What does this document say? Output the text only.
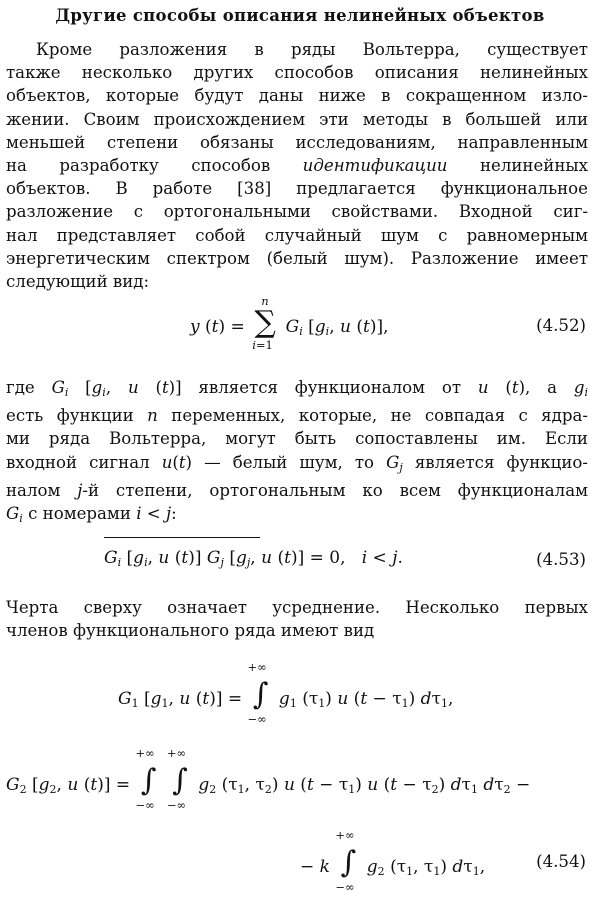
Другие способы описания нелинейных объектов
Кроме разложения в ряды Вольтерра, существует
также несколько других способов описания нелинейных
объектов, которые будут даны ниже в сокращенном изло-
жении. Своим происхождением эти методы в большей или
меньшей степени обязаны исследованиям, направленным
на разработку способов идентификации нелинейных
объектов. В работе [38] предлагается функциональное
разложение с ортогональными свойствами. Входной сиг-
нал представляет собой случайный шум с равномерным
энергетическим спектром (белый шум). Разложение имеет
следующий вид:
y (t) =
n
∑
i=1
$G_i$ [$g_i$, u (t)],	(4.52)
где $G_i$ [$g_i$, u (t)] является функционалом от u (t), а $g_i$
есть функции n переменных, которые, не совпадая с ядра-
ми ряда Вольтерра, могут быть сопоставлены им. Если
входной сигнал u(t) — белый шум, то $G_j$ является функцио-
налом j-й степени, ортогональным ко всем функционалам
$G_i$ с номерами i < j:
$G_i$ [$g_i$, u (t)] $G_j$ [$g_j$, u (t)] = 0,   i < j.	(4.53)
Черта сверху означает усреднение. Несколько первых
членов функционального ряда имеют вид
$G_1$ [$g_1$, u (t)] =
+∞
∫
−∞
$g_1$ $(\tau_1)$ u $(t - \tau_1)$ $d\tau_1$,
$G_2$ [$g_2$, u (t)] =
+∞
∫
−∞

+∞
∫
−∞
$g_2$ ($\tau_1$, $\tau_2$) u $(t - \tau_1)$ u $(t - \tau_2)$ $d\tau_1$ $d\tau_2$ −
− k
+∞
∫
−∞
$g_2$ ($\tau_1$, $\tau_1$) $d\tau_1$,	(4.54)
